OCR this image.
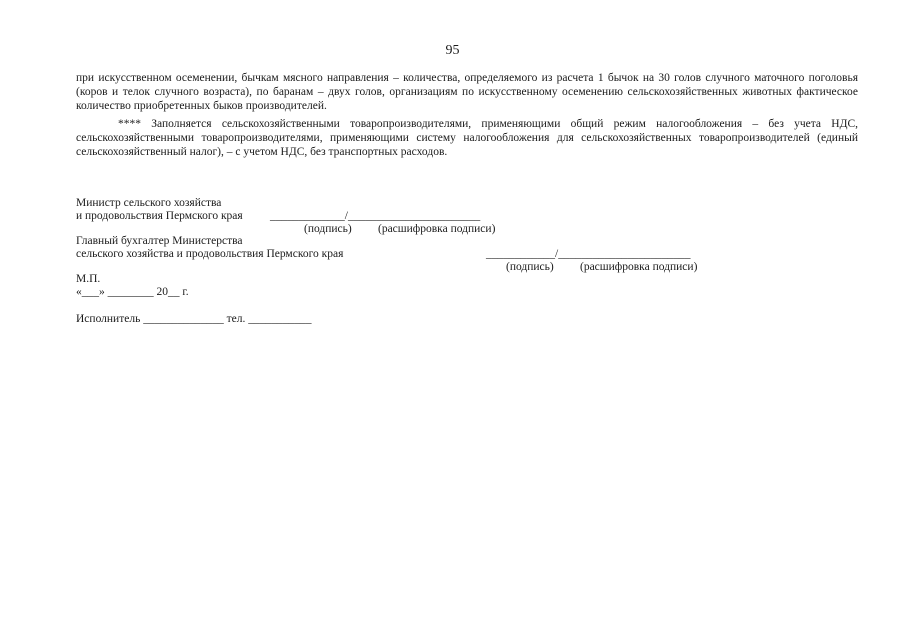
95
при искусственном осеменении, бычкам мясного направления – количества, определяемого из расчета 1 бычок на 30 голов случного маточного поголовья (коров и телок случного возраста), по баранам – двух голов, организациям по искусственному осеменению сельскохозяйственных животных фактическое количество приобретенных быков производителей.
**** Заполняется сельскохозяйственными товаропроизводителями, применяющими общий режим налогообложения – без учета НДС, сельскохозяйственными товаропроизводителями, применяющими систему налогообложения для сельскохозяйственных товаропроизводителей (единый сельскохозяйственный налог), – с учетом НДС, без транспортных расходов.
Министр сельского хозяйства
и продовольствия Пермского края _____________/_______________________
(подпись) (расшифровка подписи)
Главный бухгалтер Министерства
сельского хозяйства и продовольствия Пермского края	____________/_______________________
(подпись) (расшифровка подписи)
М.П.
«___» ________ 20__ г.
Исполнитель ______________ тел. ___________
